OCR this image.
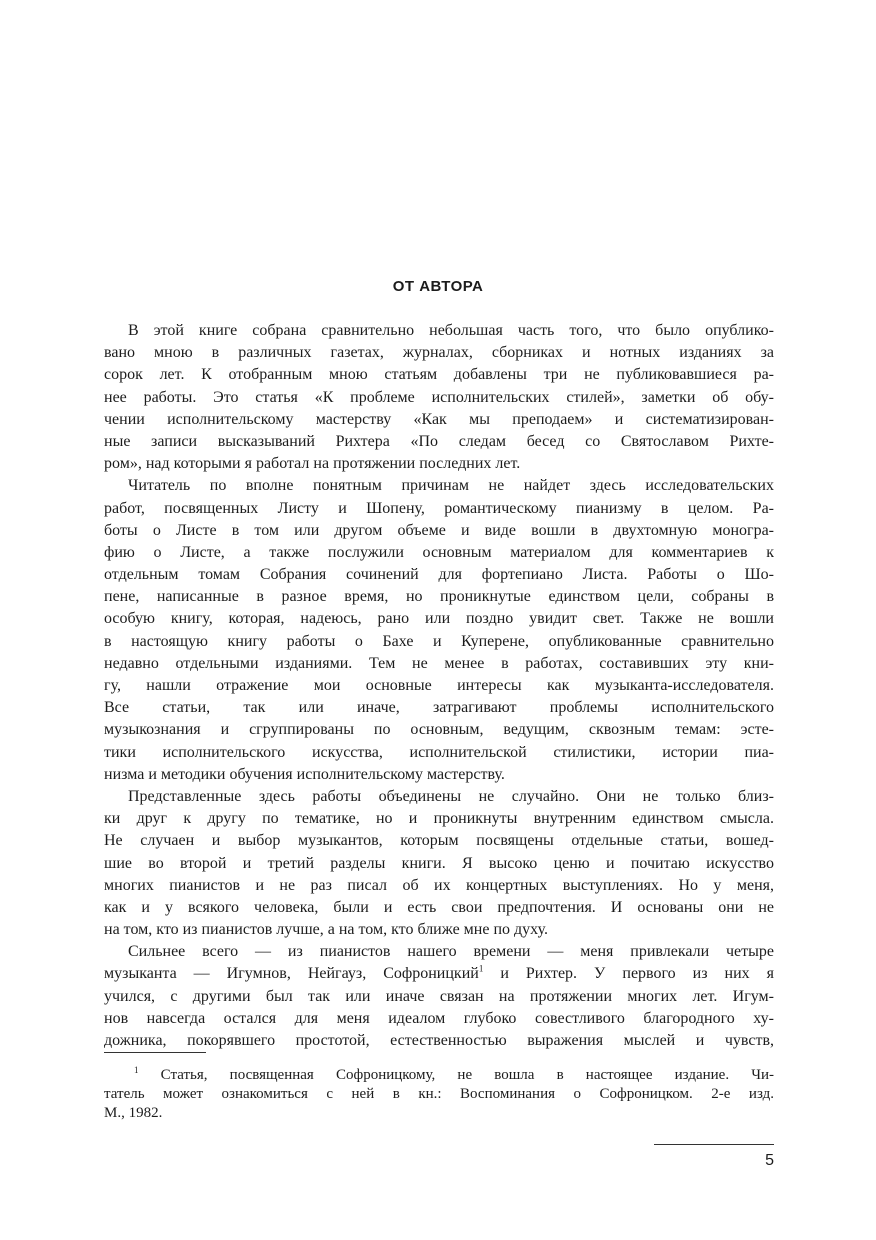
ОТ АВТОРА
В этой книге собрана сравнительно небольшая часть того, что было опублико-
вано мною в различных газетах, журналах, сборниках и нотных изданиях за
сорок лет. К отобранным мною статьям добавлены три не публиковавшиеся ра-
нее работы. Это статья «К проблеме исполнительских стилей», заметки об обу-
чении исполнительскому мастерству «Как мы преподаем» и систематизирован-
ные записи высказываний Рихтера «По следам бесед со Святославом Рихте-
ром», над которыми я работал на протяжении последних лет.
Читатель по вполне понятным причинам не найдет здесь исследовательских
работ, посвященных Листу и Шопену, романтическому пианизму в целом. Ра-
боты о Листе в том или другом объеме и виде вошли в двухтомную моногра-
фию о Листе, а также послужили основным материалом для комментариев к
отдельным томам Собрания сочинений для фортепиано Листа. Работы о Шо-
пене, написанные в разное время, но проникнутые единством цели, собраны в
особую книгу, которая, надеюсь, рано или поздно увидит свет. Также не вошли
в настоящую книгу работы о Бахе и Куперене, опубликованные сравнительно
недавно отдельными изданиями. Тем не менее в работах, составивших эту кни-
гу, нашли отражение мои основные интересы как музыканта-исследователя.
Все статьи, так или иначе, затрагивают проблемы исполнительского
музыкознания и сгруппированы по основным, ведущим, сквозным темам: эсте-
тики исполнительского искусства, исполнительской стилистики, истории пиа-
низма и методики обучения исполнительскому мастерству.
Представленные здесь работы объединены не случайно. Они не только близ-
ки друг к другу по тематике, но и проникнуты внутренним единством смысла.
Не случаен и выбор музыкантов, которым посвящены отдельные статьи, вошед-
шие во второй и третий разделы книги. Я высоко ценю и почитаю искусство
многих пианистов и не раз писал об их концертных выступлениях. Но у меня,
как и у всякого человека, были и есть свои предпочтения. И основаны они не
на том, кто из пианистов лучше, а на том, кто ближе мне по духу.
Сильнее всего — из пианистов нашего времени — меня привлекали четыре
музыканта — Игумнов, Нейгауз, Софроницкий$^1$ и Рихтер. У первого из них я
учился, с другими был так или иначе связан на протяжении многих лет. Игум-
нов навсегда остался для меня идеалом глубоко совестливого благородного ху-
дожника, покорявшего простотой, естественностью выражения мыслей и чувств,
$^1$ Статья, посвященная Софроницкому, не вошла в настоящее издание. Чи-
татель может ознакомиться с ней в кн.: Воспоминания о Софроницком. 2-е изд.
М., 1982.
5
